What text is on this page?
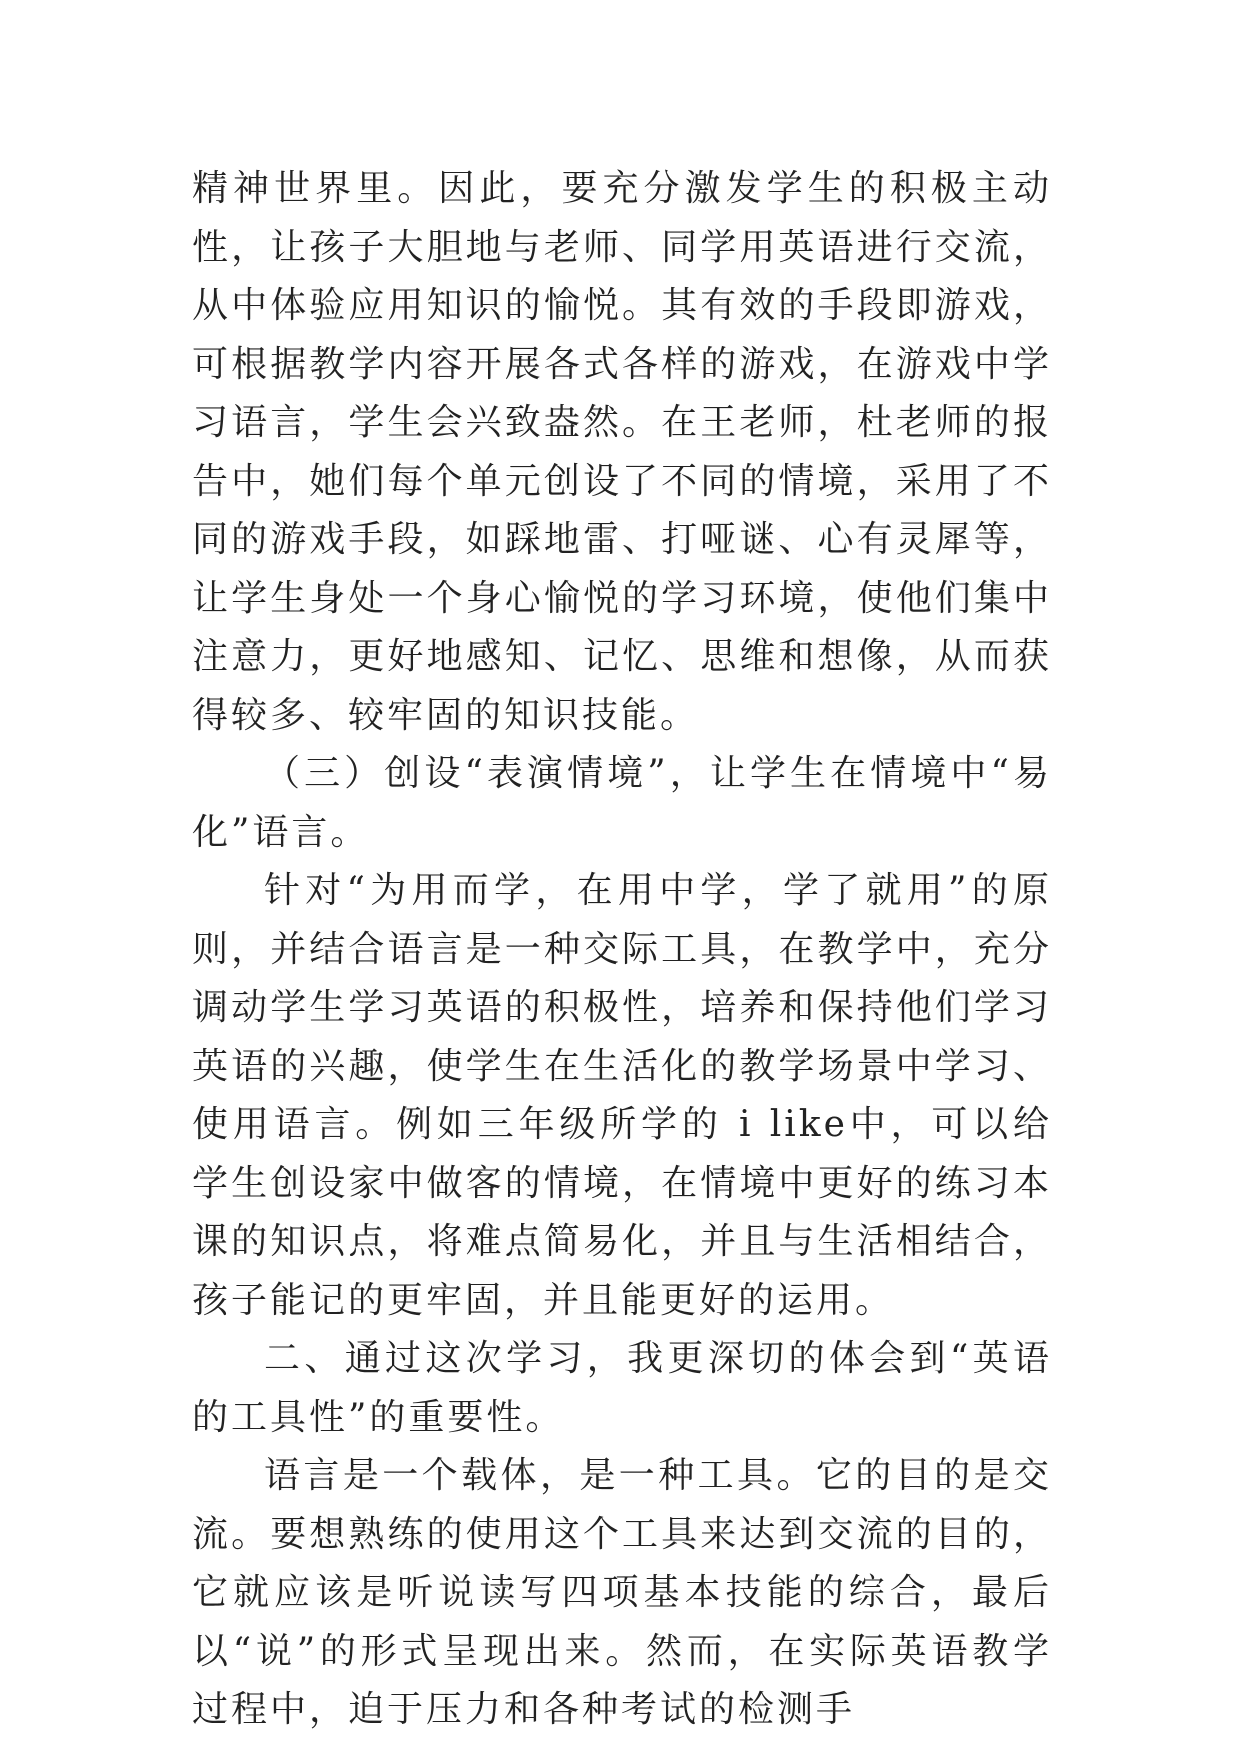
精神世界里。因此，要充分激发学生的积极主动性，让孩子大胆地与老师、同学用英语进行交流，从中体验应用知识的愉悦。其有效的手段即游戏，可根据教学内容开展各式各样的游戏，在游戏中学习语言，学生会兴致盎然。在王老师，杜老师的报告中，她们每个单元创设了不同的情境，采用了不同的游戏手段，如踩地雷、打哑谜、心有灵犀等，让学生身处一个身心愉悦的学习环境，使他们集中注意力，更好地感知、记忆、思维和想像，从而获得较多、较牢固的知识技能。

（三）创设“表演情境”，让学生在情境中“易化”语言。

针对“为用而学，在用中学，学了就用”的原则，并结合语言是一种交际工具，在教学中，充分调动学生学习英语的积极性，培养和保持他们学习英语的兴趣，使学生在生活化的教学场景中学习、使用语言。例如三年级所学的 i like中，可以给学生创设家中做客的情境，在情境中更好的练习本课的知识点，将难点简易化，并且与生活相结合，孩子能记的更牢固，并且能更好的运用。

二、通过这次学习，我更深切的体会到“英语的工具性”的重要性。

语言是一个载体，是一种工具。它的目的是交流。要想熟练的使用这个工具来达到交流的目的，它就应该是听说读写四项基本技能的综合，最后以“说”的形式呈现出来。然而，在实际英语教学过程中，迫于压力和各种考试的检测手
